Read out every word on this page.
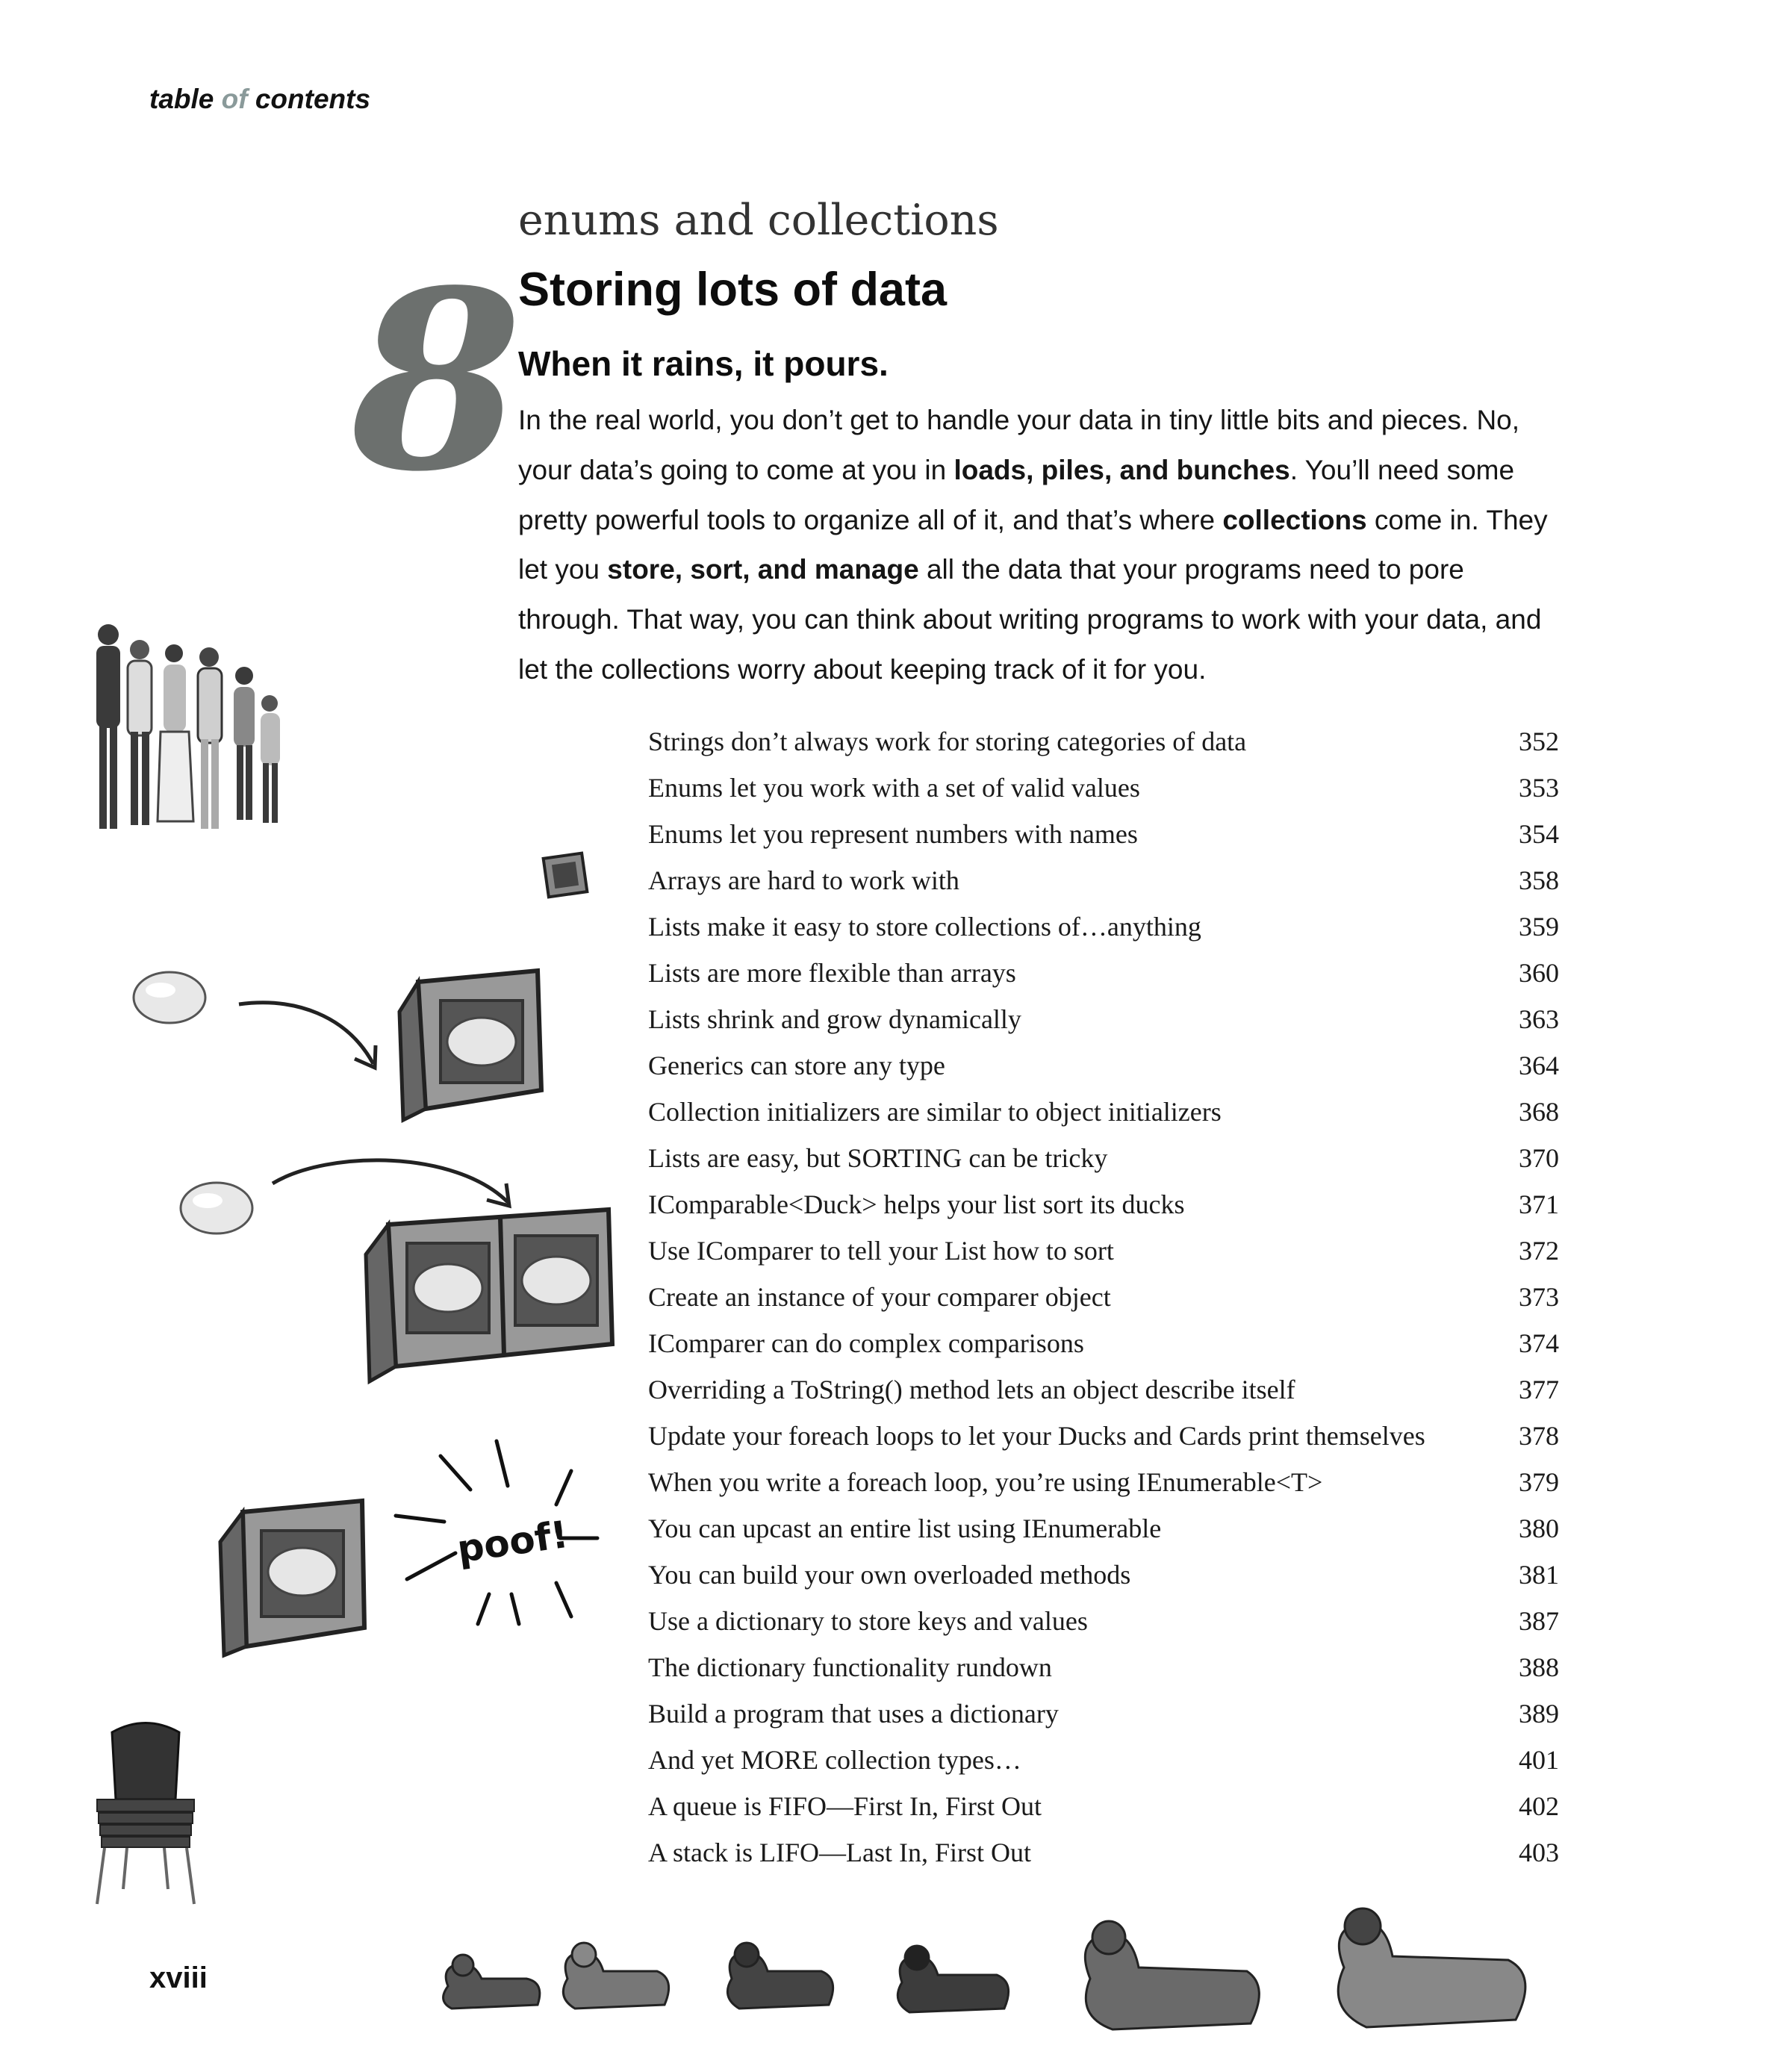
table of contents
8
enums and collections
Storing lots of data
When it rains, it pours.

In the real world, you don’t get to handle your data in tiny little bits and pieces. No, your data’s going to come at you in loads, piles, and bunches. You’ll need some pretty powerful tools to organize all of it, and that’s where collections come in. They let you store, sort, and manage all the data that your programs need to pore through. That way, you can think about writing programs to work with your data, and let the collections worry about keeping track of it for you.

Strings don’t always work for storing categories of data	352
Enums let you work with a set of valid values	353
Enums let you represent numbers with names	354
Arrays are hard to work with	358
Lists make it easy to store collections of…anything	359
Lists are more flexible than arrays	360
Lists shrink and grow dynamically	363
Generics can store any type	364
Collection initializers are similar to object initializers	368
Lists are easy, but SORTING can be tricky	370
IComparable<Duck> helps your list sort its ducks	371
Use IComparer to tell your List how to sort	372
Create an instance of your comparer object	373
IComparer can do complex comparisons	374
Overriding a ToString() method lets an object describe itself	377
Update your foreach loops to let your Ducks and Cards print themselves	378
When you write a foreach loop, you’re using IEnumerable<T>	379
You can upcast an entire list using IEnumerable	380
You can build your own overloaded methods	381
Use a dictionary to store keys and values	387
The dictionary functionality rundown	388
Build a program that uses a dictionary	389
And yet MORE collection types…	401
A queue is FIFO—First In, First Out	402
A stack is LIFO—Last In, First Out	403
poof!
xviii
